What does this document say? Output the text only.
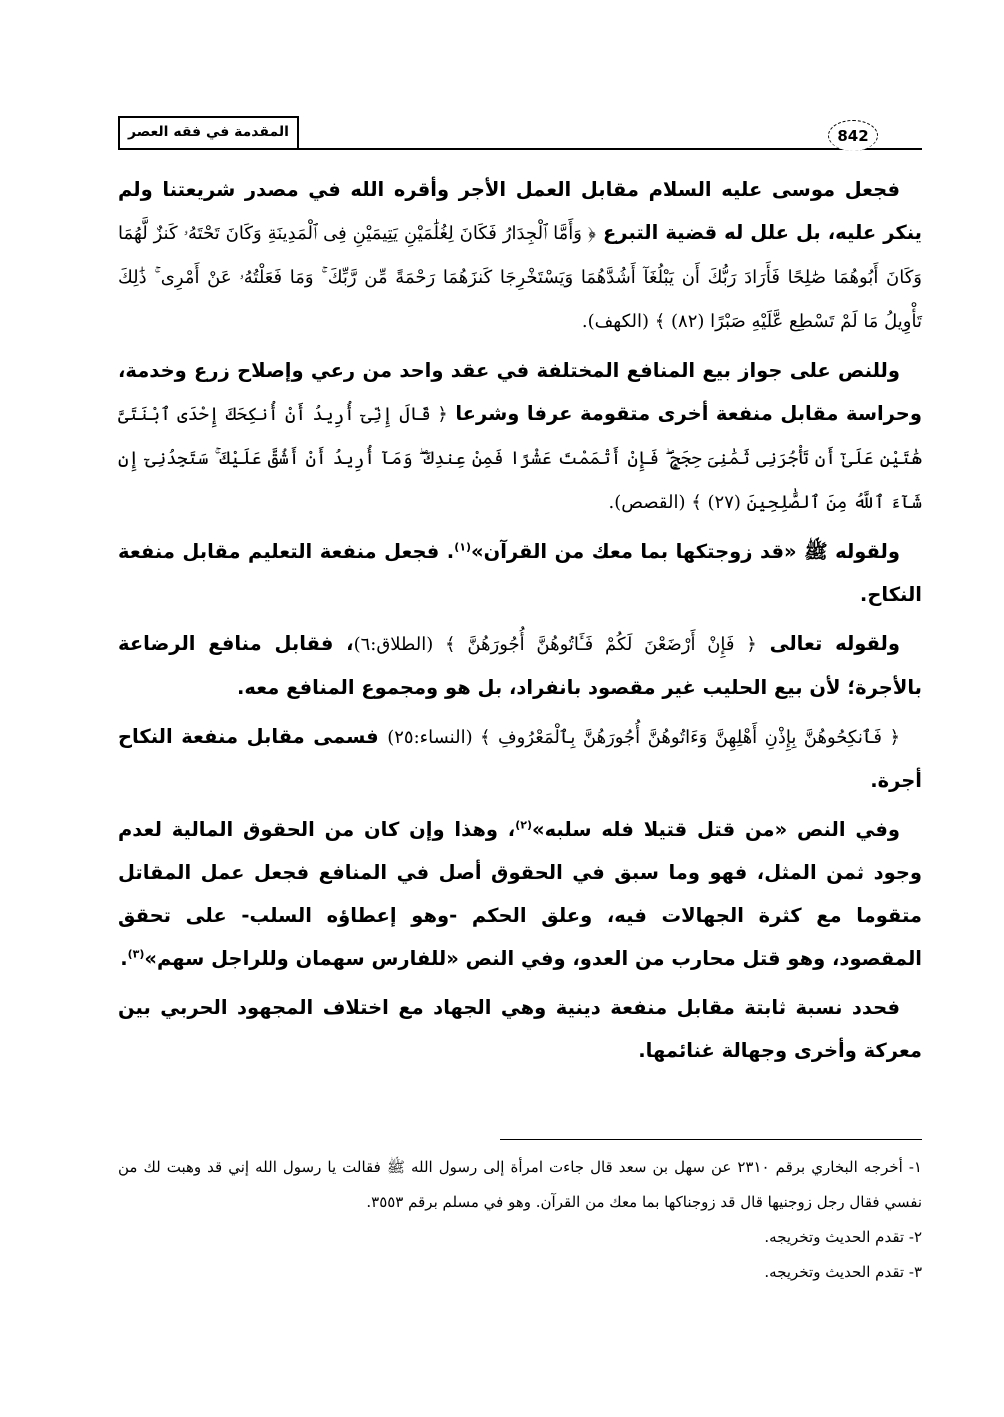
المقدمة في فقه العصر	842

فجعل موسى عليه السلام مقابل العمل الأجر وأقره الله في مصدر شريعتنا ولم ينكر عليه، بل علل له قضية التبرع ﴿ وَأَمَّا ٱلْجِدَارُ فَكَانَ لِغُلَٰمَيْنِ يَتِيمَيْنِ فِى ٱلْمَدِينَةِ وَكَانَ تَحْتَهُۥ كَنزٌ لَّهُمَا وَكَانَ أَبُوهُمَا صَٰلِحًا فَأَرَادَ رَبُّكَ أَن يَبْلُغَآ أَشُدَّهُمَا وَيَسْتَخْرِجَا كَنزَهُمَا رَحْمَةً مِّن رَّبِّكَ ۚ وَمَا فَعَلْتُهُۥ عَنْ أَمْرِى ۚ ذَٰلِكَ تَأْوِيلُ مَا لَمْ تَسْطِع عَّلَيْهِ صَبْرًا (٨٢) ﴾ (الكهف).

وللنص على جواز بيع المنافع المختلفة في عقد واحد من رعي وإصلاح زرع وخدمة، وحراسة مقابل منفعة أخرى متقومة عرفا وشرعا ﴿ قَالَ إِنِّىٓ أُرِيدُ أَنْ أُنكِحَكَ إِحْدَى ٱبْنَتَىَّ هَٰتَيْنِ عَلَىٰٓ أَن تَأْجُرَنِى ثَمَٰنِىَ حِجَجٍ ۖ فَإِنْ أَتْمَمْتَ عَشْرًا فَمِنْ عِندِكَ ۖ وَمَآ أُرِيدُ أَنْ أَشُقَّ عَلَيْكَ ۚ سَتَجِدُنِىٓ إِن شَآءَ ٱللَّهُ مِنَ ٱلصَّٰلِحِينَ (٢٧) ﴾ (القصص).

ولقوله ﷺ «قد زوجتكها بما معك من القرآن»$^{(١)}$. فجعل منفعة التعليم مقابل منفعة النكاح.

ولقوله تعالى ﴿ فَإِنْ أَرْضَعْنَ لَكُمْ فَـَٔاتُوهُنَّ أُجُورَهُنَّ ﴾ (الطلاق:٦)، فقابل منافع الرضاعة بالأجرة؛ لأن بيع الحليب غير مقصود بانفراد، بل هو ومجموع المنافع معه.

﴿ فَٱنكِحُوهُنَّ بِإِذْنِ أَهْلِهِنَّ وَءَاتُوهُنَّ أُجُورَهُنَّ بِٱلْمَعْرُوفِ ﴾ (النساء:٢٥) فسمى مقابل منفعة النكاح أجرة.

وفي النص «من قتل قتيلا فله سلبه»$^{(٢)}$، وهذا وإن كان من الحقوق المالية لعدم وجود ثمن المثل، فهو وما سبق في الحقوق أصل في المنافع فجعل عمل المقاتل متقوما مع كثرة الجهالات فيه، وعلق الحكم -وهو إعطاؤه السلب- على تحقق المقصود، وهو قتل محارب من العدو، وفي النص «للفارس سهمان وللراجل سهم»$^{(٣)}$.

فحدد نسبة ثابتة مقابل منفعة دينية وهي الجهاد مع اختلاف المجهود الحربي بين معركة وأخرى وجهالة غنائمها.

١- أخرجه البخاري برقم ٢٣١٠ عن سهل بن سعد قال جاءت امرأة إلى رسول الله ﷺ فقالت يا رسول الله إني قد وهبت لك من نفسي فقال رجل زوجنيها قال قد زوجناكها بما معك من القرآن. وهو في مسلم برقم ٣٥٥٣.

٢- تقدم الحديث وتخريجه.

٣- تقدم الحديث وتخريجه.
